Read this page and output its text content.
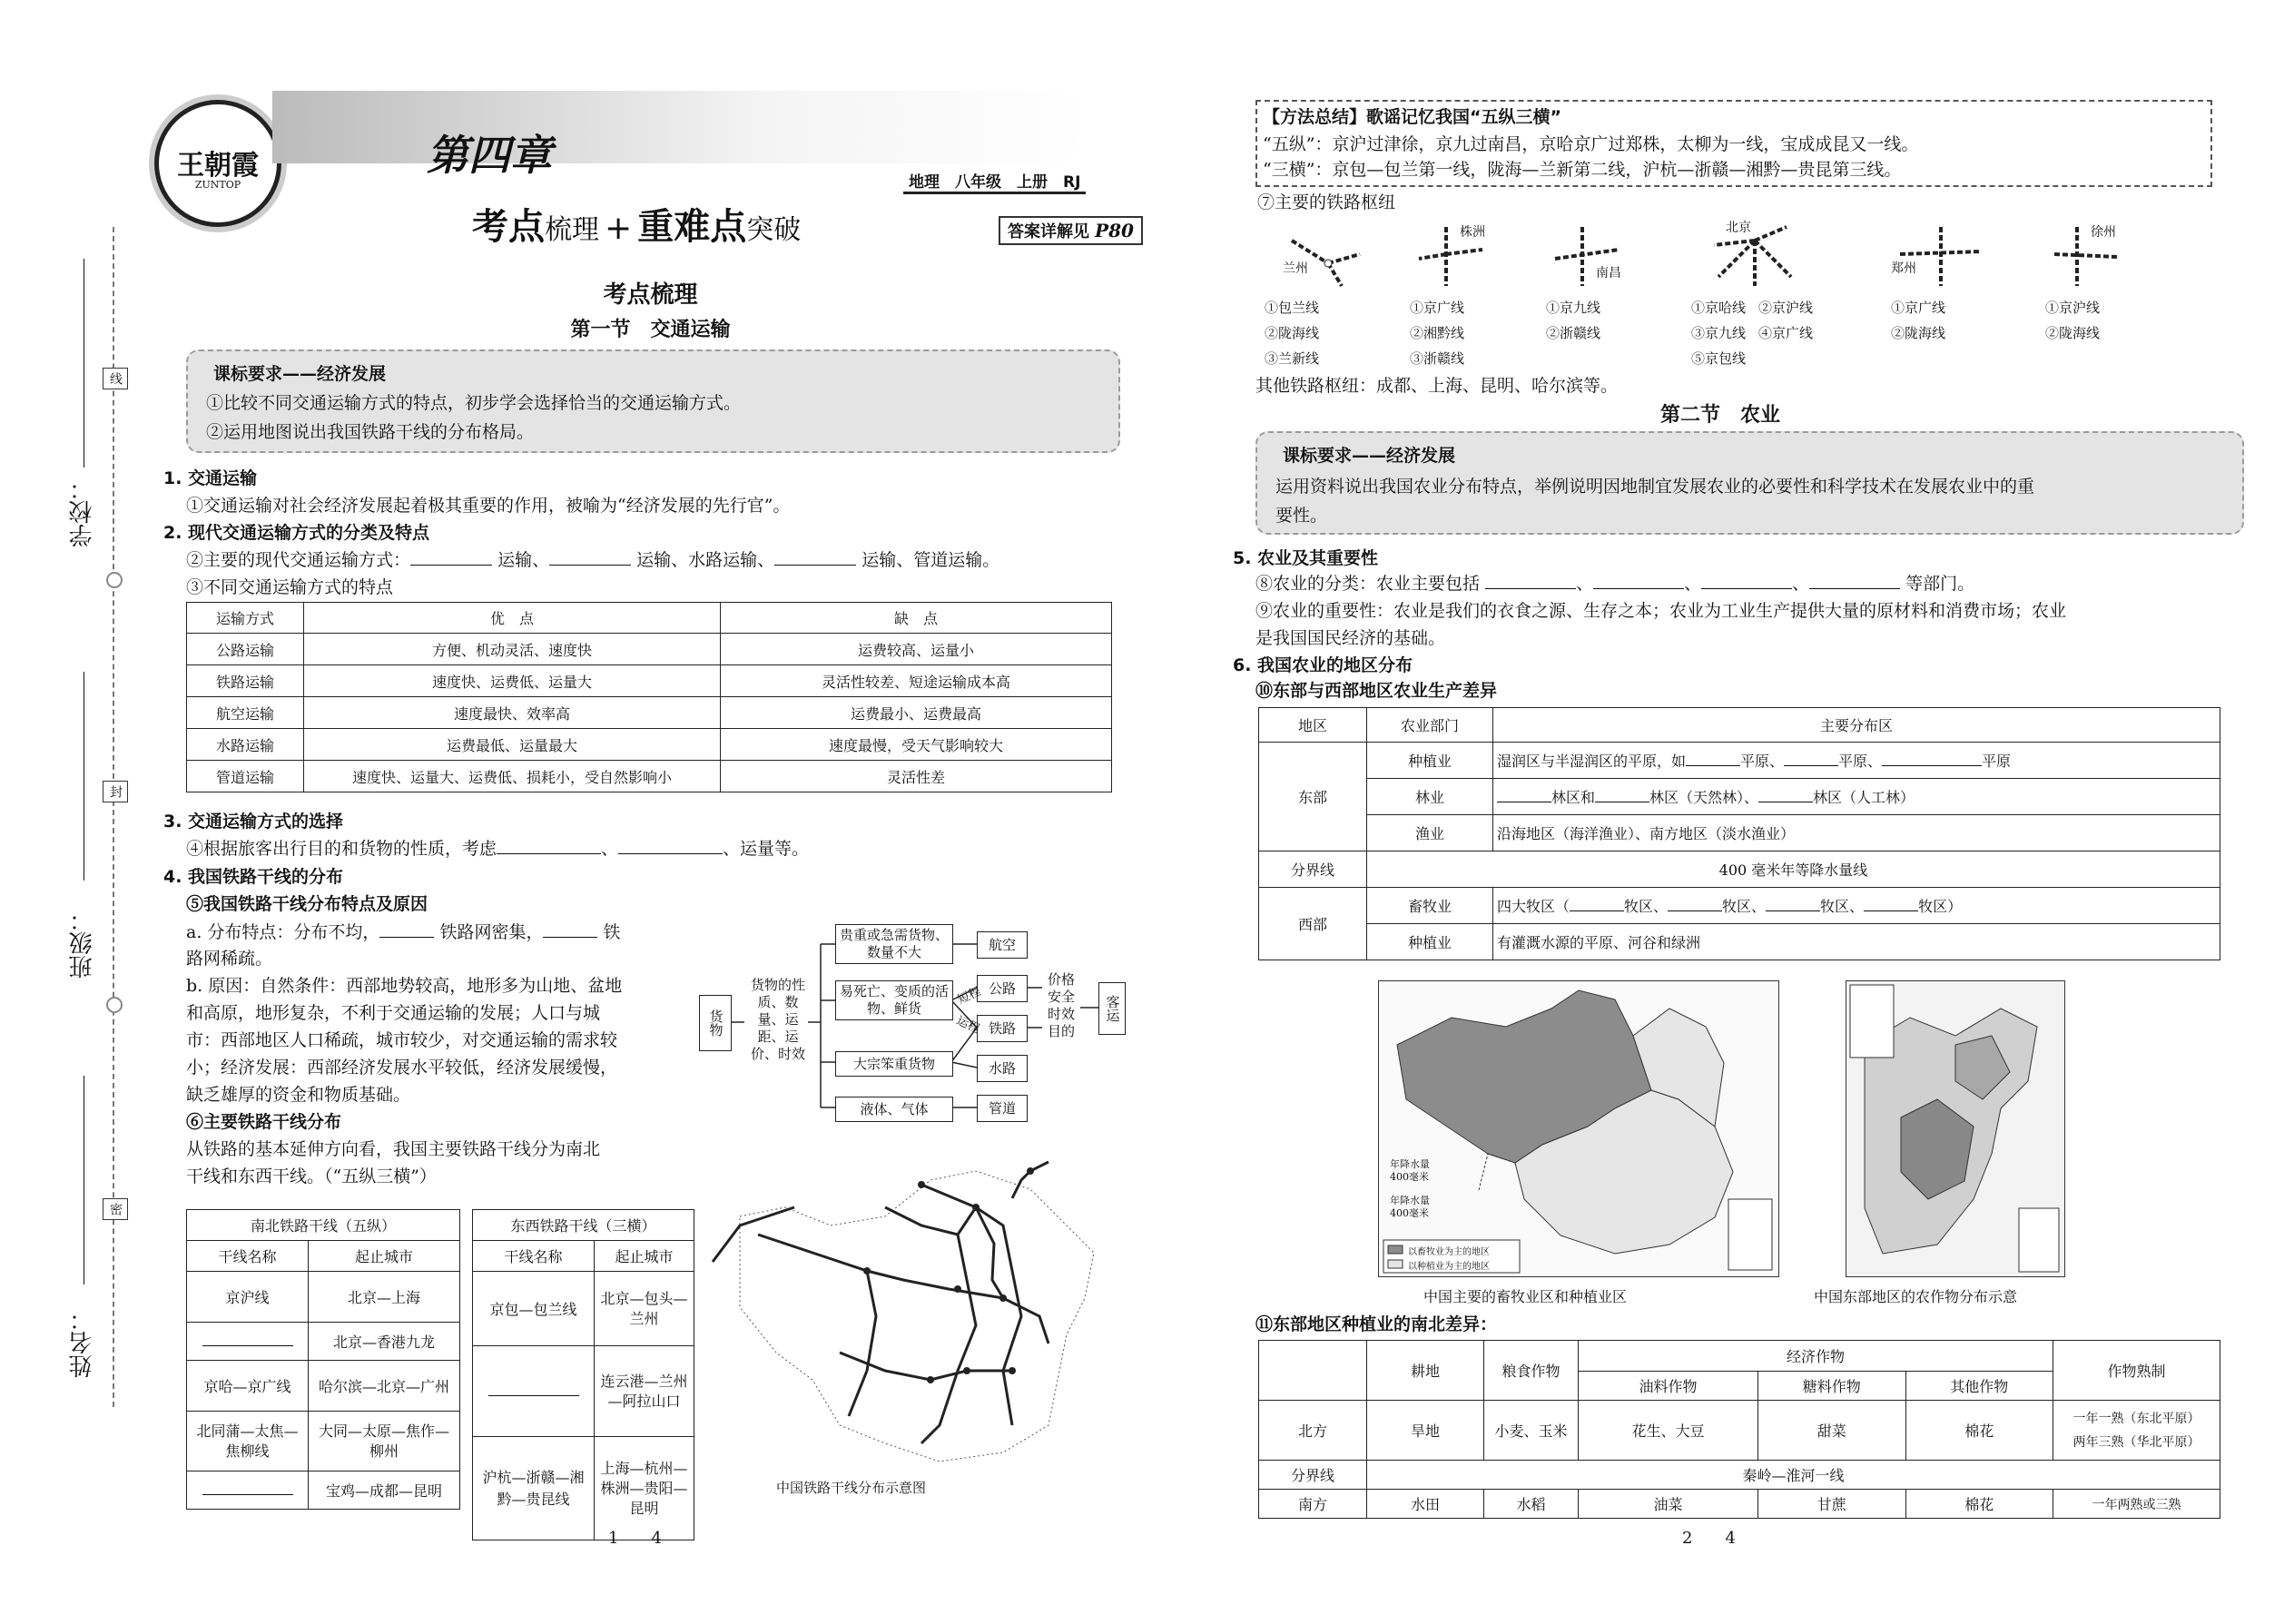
学校：
班级：
姓名：
线
封
密
王朝霞
ZUNTOP
第四章
考点梳理 + 重难点突破
地理　八年级　上册　RJ
答案详解见 P80
考点梳理
第一节　交通运输
课标要求——经济发展
①比较不同交通运输方式的特点，初步学会选择恰当的交通运输方式。
②运用地图说出我国铁路干线的分布格局。
1. 交通运输
①交通运输对社会经济发展起着极其重要的作用，被喻为“经济发展的先行官”。
2. 现代交通运输方式的分类及特点
②主要的现代交通运输方式：	运输、	运输、水路运输、	运输、管道运输。
③不同交通运输方式的特点
运输方式	优　点	缺　点
公路运输	方便、机动灵活、速度快	运费较高、运量小
铁路运输	速度快、运费低、运量大	灵活性较差、短途运输成本高
航空运输	速度最快、效率高	运费最小、运费最高
水路运输	运费最低、运量最大	速度最慢，受天气影响较大
管道运输	速度快、运量大、运费低、损耗小，受自然影响小	灵活性差
3. 交通运输方式的选择
④根据旅客出行目的和货物的性质，考虑	、	、运量等。
4. 我国铁路干线的分布
⑤我国铁路干线分布特点及原因
a. 分布特点：分布不均，	铁路网密集，	铁
路网稀疏。
b. 原因：自然条件：西部地势较高，地形多为山地、盆地
和高原，地形复杂，不利于交通运输的发展；人口与城
市：西部地区人口稀疏，城市较少，对交通运输的需求较
小；经济发展：西部经济发展水平较低，经济发展缓慢，
缺乏雄厚的资金和物质基础。
⑥主要铁路干线分布
从铁路的基本延伸方向看，我国主要铁路干线分为南北
干线和东西干线。（“五纵三横”）
货物
货物的性质、数量、运距、运价、时效
贵重或急需货物、数量不大
易死亡、变质的活物、鲜货
大宗笨重货物
液体、气体
航空
公路
铁路
水路
管道
短程
运程
价格安全时效目的
客运
南北铁路干线（五纵）	
干线名称	起止城市
京沪线	北京—上海
	北京—香港九龙
京哈—京广线	哈尔滨—北京—广州
北同蒲—太焦—焦柳线	大同—太原—焦作—柳州
	宝鸡—成都—昆明
东西铁路干线（三横）	
干线名称	起止城市
京包—包兰线	北京—包头—兰州
	连云港—兰州—阿拉山口
沪杭—浙赣—湘黔—贵昆线	上海—杭州—株洲—贵阳—昆明
中国铁路干线分布示意图
1　　4
【方法总结】歌谣记忆我国“五纵三横”
“五纵”：京沪过津徐，京九过南昌，京哈京广过郑株，太柳为一线，宝成成昆又一线。
“三横”：京包—包兰第一线，陇海—兰新第二线，沪杭—浙赣—湘黔—贵昆第三线。
⑦主要的铁路枢纽
兰州
①包兰线
②陇海线
③兰新线
株洲
①京广线
②湘黔线
③浙赣线
南昌
①京九线
②浙赣线
北京
①京哈线 ②京沪线
③京九线 ④京广线
⑤京包线
郑州
①京广线
②陇海线
徐州
①京沪线
②陇海线
其他铁路枢纽：成都、上海、昆明、哈尔滨等。
第二节　农业
课标要求——经济发展
运用资料说出我国农业分布特点，举例说明因地制宜发展农业的必要性和科学技术在发展农业中的重
要性。
5. 农业及其重要性
⑧农业的分类：农业主要包括	、	、	、	等部门。
⑨农业的重要性：农业是我们的衣食之源、生存之本；农业为工业生产提供大量的原材料和消费市场；农业
是我国国民经济的基础。
6. 我国农业的地区分布
⑩东部与西部地区农业生产差异
地区	农业部门	主要分布区
东部	种植业	湿润区与半湿润区的平原，如 平原、 平原、 平原
	林业	林区和 林区（天然林）、 林区（人工林）
	渔业	沿海地区（海洋渔业）、南方地区（淡水渔业）
分界线	400 毫米年等降水量线	
西部	畜牧业	四大牧区（ 牧区、 牧区、 牧区、 牧区）
	种植业	有灌溉水源的平原、河谷和绿洲
以畜牧业为主的地区
以种植业为主的地区
年降水量400毫米
年降水量400毫米
中国主要的畜牧业区和种植业区	中国东部地区的农作物分布示意
⑪东部地区种植业的南北差异：
	耕地	粮食作物	经济作物			作物熟制
			油料作物	糖料作物	其他作物	
北方	旱地	小麦、玉米	花生、大豆	甜菜	棉花	一年一熟（东北平原）
两年三熟（华北平原）

分界线	秦岭—淮河一线					
南方	水田	水稻	油菜	甘蔗	棉花	一年两熟或三熟
2　　4
